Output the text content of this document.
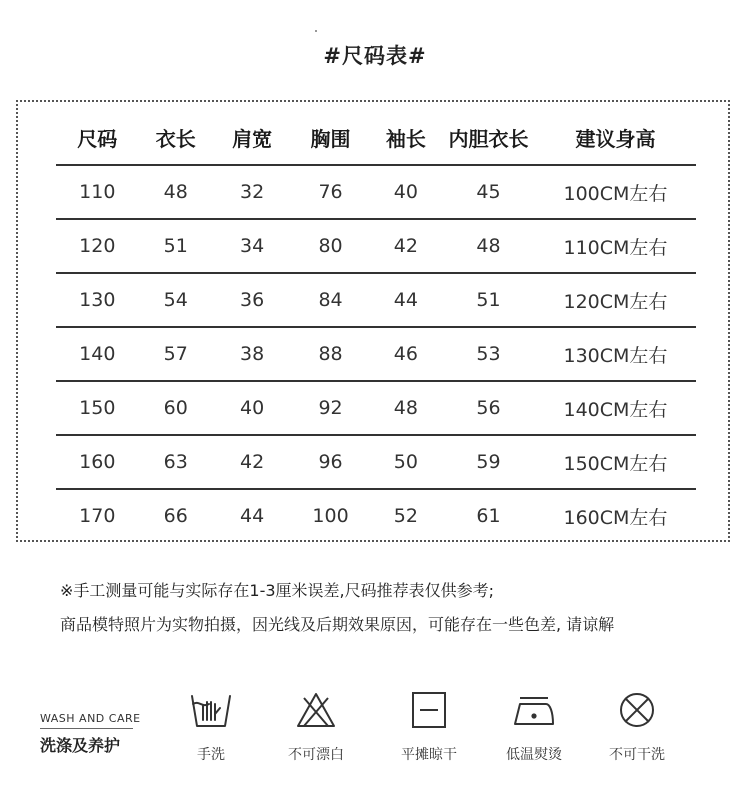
#尺码表#
尺码	衣长	肩宽	胸围	袖长	内胆衣长	建议身高
110	48	32	76	40	45	100CM左右
120	51	34	80	42	48	110CM左右
130	54	36	84	44	51	120CM左右
140	57	38	88	46	53	130CM左右
150	60	40	92	48	56	140CM左右
160	63	42	96	50	59	150CM左右
170	66	44	100	52	61	160CM左右
※手工测量可能与实际存在1-3厘米误差,尺码推荐表仅供参考;
商品模特照片为实物拍摄，因光线及后期效果原因，可能存在一些色差, 请谅解
WASH AND CARE
洗涤及养护	手洗	不可漂白	平摊晾干	低温熨烫	不可干洗
